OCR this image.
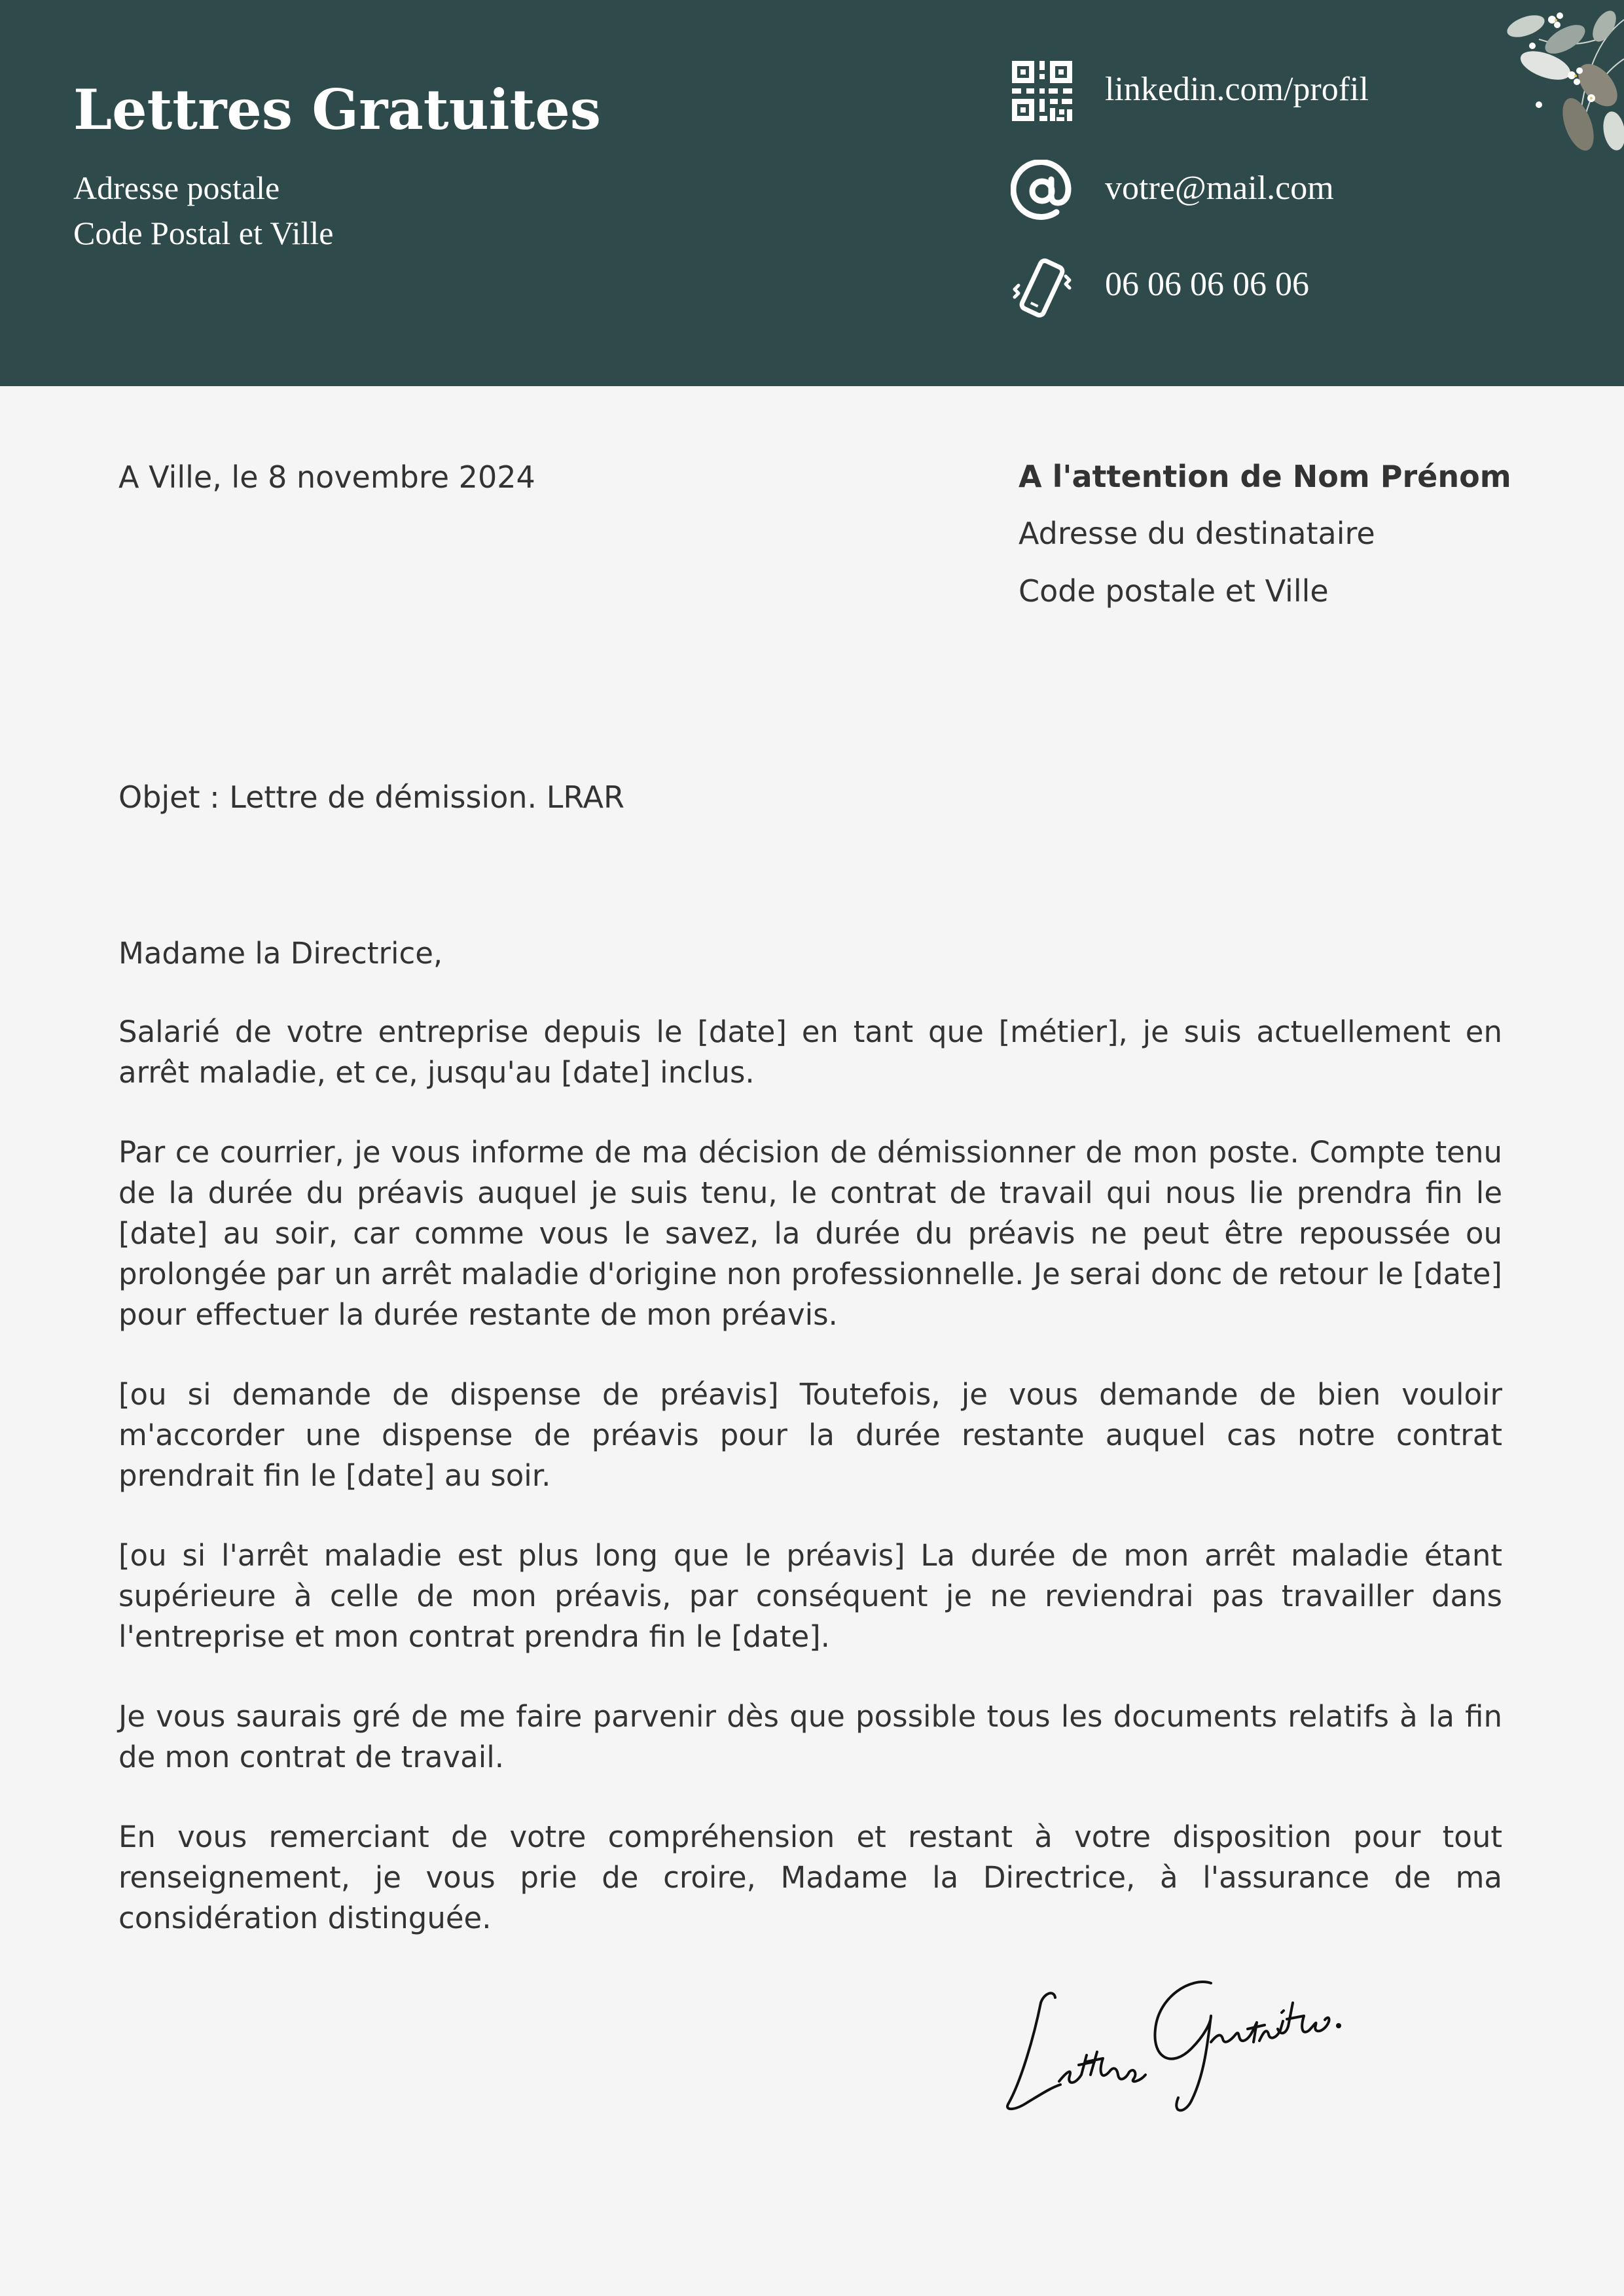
Lettres Gratuites
Adresse postale
Code Postal et Ville
linkedin.com/profil
votre@mail.com
06 06 06 06 06
A Ville, le 8 novembre 2024	A l'attention de Nom Prénom
Adresse du destinataire
Code postale et Ville
Objet : Lettre de démission. LRAR

Madame la Directrice,

Salarié de votre entreprise depuis le [date] en tant que [métier], je suis actuellement en arrêt maladie, et ce, jusqu'au [date] inclus.

Par ce courrier, je vous informe de ma décision de démissionner de mon poste. Compte tenu de la durée du préavis auquel je suis tenu, le contrat de travail qui nous lie prendra fin le [date] au soir, car comme vous le savez, la durée du préavis ne peut être repoussée ou prolongée par un arrêt maladie d'origine non professionnelle. Je serai donc de retour le [date] pour effectuer la durée restante de mon préavis.

[ou si demande de dispense de préavis] Toutefois, je vous demande de bien vouloir m'accorder une dispense de préavis pour la durée restante auquel cas notre contrat prendrait fin le [date] au soir.

[ou si l'arrêt maladie est plus long que le préavis] La durée de mon arrêt maladie étant supérieure à celle de mon préavis, par conséquent je ne reviendrai pas travailler dans l'entreprise et mon contrat prendra fin le [date].

Je vous saurais gré de me faire parvenir dès que possible tous les documents relatifs à la fin de mon contrat de travail.

En vous remerciant de votre compréhension et restant à votre disposition pour tout renseignement, je vous prie de croire, Madame la Directrice, à l'assurance de ma considération distinguée.
